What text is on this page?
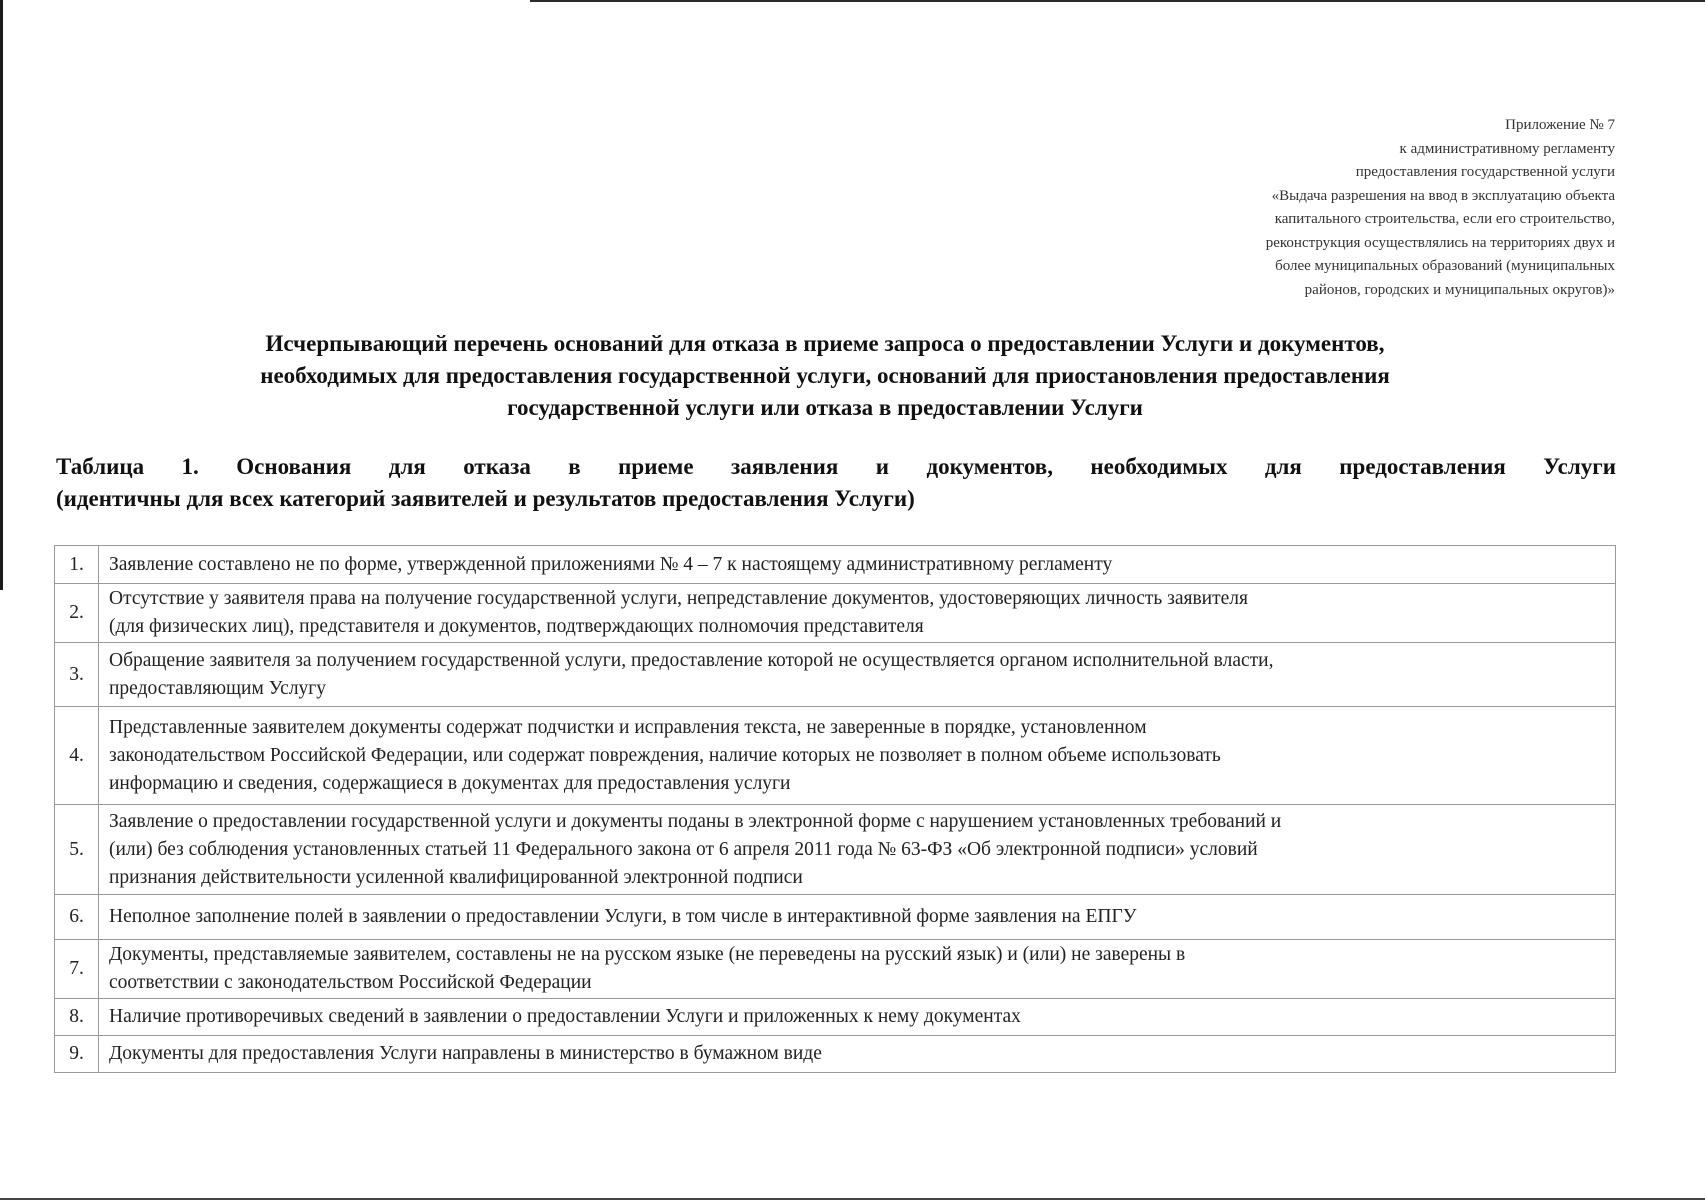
Приложение № 7
к административному регламенту
предоставления государственной услуги
«Выдача разрешения на ввод в эксплуатацию объекта
капитального строительства, если его строительство,
реконструкция осуществлялись на территориях двух и
более муниципальных образований (муниципальных
районов, городских и муниципальных округов)»
Исчерпывающий перечень оснований для отказа в приеме запроса о предоставлении Услуги и документов,
необходимых для предоставления государственной услуги, оснований для приостановления предоставления
государственной услуги или отказа в предоставлении Услуги
Таблица 1. Основания для отказа в приеме заявления и документов, необходимых для предоставления Услуги
(идентичны для всех категорий заявителей и результатов предоставления Услуги)
1.	Заявление составлено не по форме, утвержденной приложениями № 4 – 7 к настоящему административному регламенту

2.	Отсутствие у заявителя права на получение государственной услуги, непредставление документов, удостоверяющих личность заявителя
(для физических лиц), представителя и документов, подтверждающих полномочия представителя

3.	Обращение заявителя за получением государственной услуги, предоставление которой не осуществляется органом исполнительной власти,
предоставляющим Услугу

4.	Представленные заявителем документы содержат подчистки и исправления текста, не заверенные в порядке, установленном
законодательством Российской Федерации, или содержат повреждения, наличие которых не позволяет в полном объеме использовать
информацию и сведения, содержащиеся в документах для предоставления услуги

5.	Заявление о предоставлении государственной услуги и документы поданы в электронной форме с нарушением установленных требований и
(или) без соблюдения установленных статьей 11 Федерального закона от 6 апреля 2011 года № 63-ФЗ «Об электронной подписи» условий
признания действительности усиленной квалифицированной электронной подписи

6.	Неполное заполнение полей в заявлении о предоставлении Услуги, в том числе в интерактивной форме заявления на ЕПГУ

7.	Документы, представляемые заявителем, составлены не на русском языке (не переведены на русский язык) и (или) не заверены в
соответствии с законодательством Российской Федерации

8.	Наличие противоречивых сведений в заявлении о предоставлении Услуги и приложенных к нему документах

9.	Документы для предоставления Услуги направлены в министерство в бумажном виде
